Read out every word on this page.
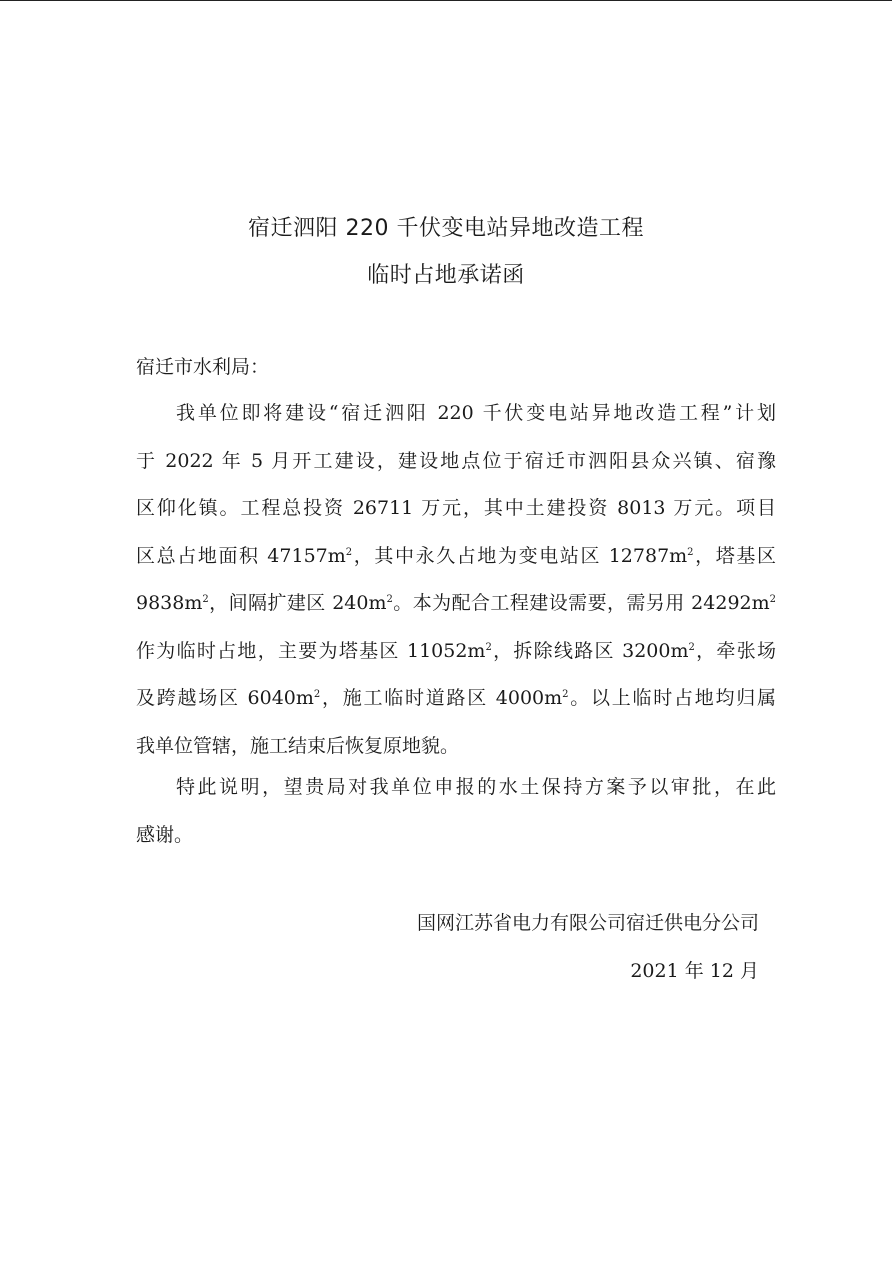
宿迁泗阳 220 千伏变电站异地改造工程
临时占地承诺函
宿迁市水利局：
我单位即将建设“宿迁泗阳 220 千伏变电站异地改造工程”计划
于 2022 年 5 月开工建设，建设地点位于宿迁市泗阳县众兴镇、宿豫
区仰化镇。工程总投资 26711 万元，其中土建投资 8013 万元。项目
区总占地面积 $47157m^2$，其中永久占地为变电站区 $12787m^2$，塔基区
$9838m^2$，间隔扩建区 $240m^2$。本为配合工程建设需要，需另用 $24292m^2$
作为临时占地，主要为塔基区 $11052m^2$，拆除线路区 $3200m^2$，牵张场
及跨越场区 $6040m^2$，施工临时道路区 $4000m^2$。以上临时占地均归属
我单位管辖，施工结束后恢复原地貌。
特此说明，望贵局对我单位申报的水土保持方案予以审批，在此
感谢。
国网江苏省电力有限公司宿迁供电分公司
2021 年 12 月
